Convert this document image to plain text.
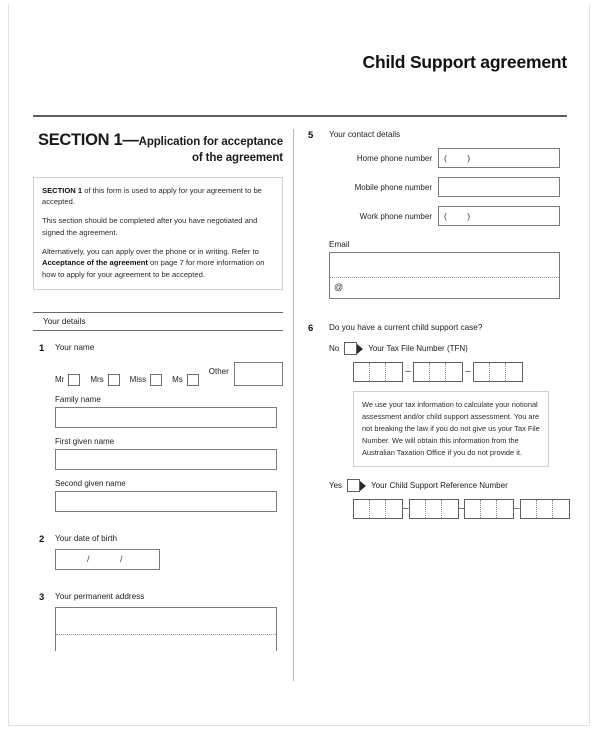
Child Support agreement
SECTION 1—Application for acceptance
of the agreement

SECTION 1 of this form is used to apply for your agreement to be accepted.

This section should be completed after you have negotiated and signed the agreement.

Alternatively, you can apply over the phone or in writing. Refer to Acceptance of the agreement on page 7 for more information on how to apply for your agreement to be accepted.

Your details
1 Your name
Mr	Mrs	Miss	Ms
Other
Family name
First given name
Second given name
2 Your date of birth
/	/
3 Your permanent address
5 Your contact details
Home phone number ( )
Mobile phone number
Work phone number ( )
Email
@
6 Do you have a current child support case?
No	Your Tax File Number (TFN)
–	–

We use your tax information to calculate your notional assessment and/or child support assessment. You are not breaking the law if you do not give us your Tax File Number. We will obtain this information from the Australian Taxation Office if you do not provide it.

Yes	Your Child Support Reference Number
–	–	–
